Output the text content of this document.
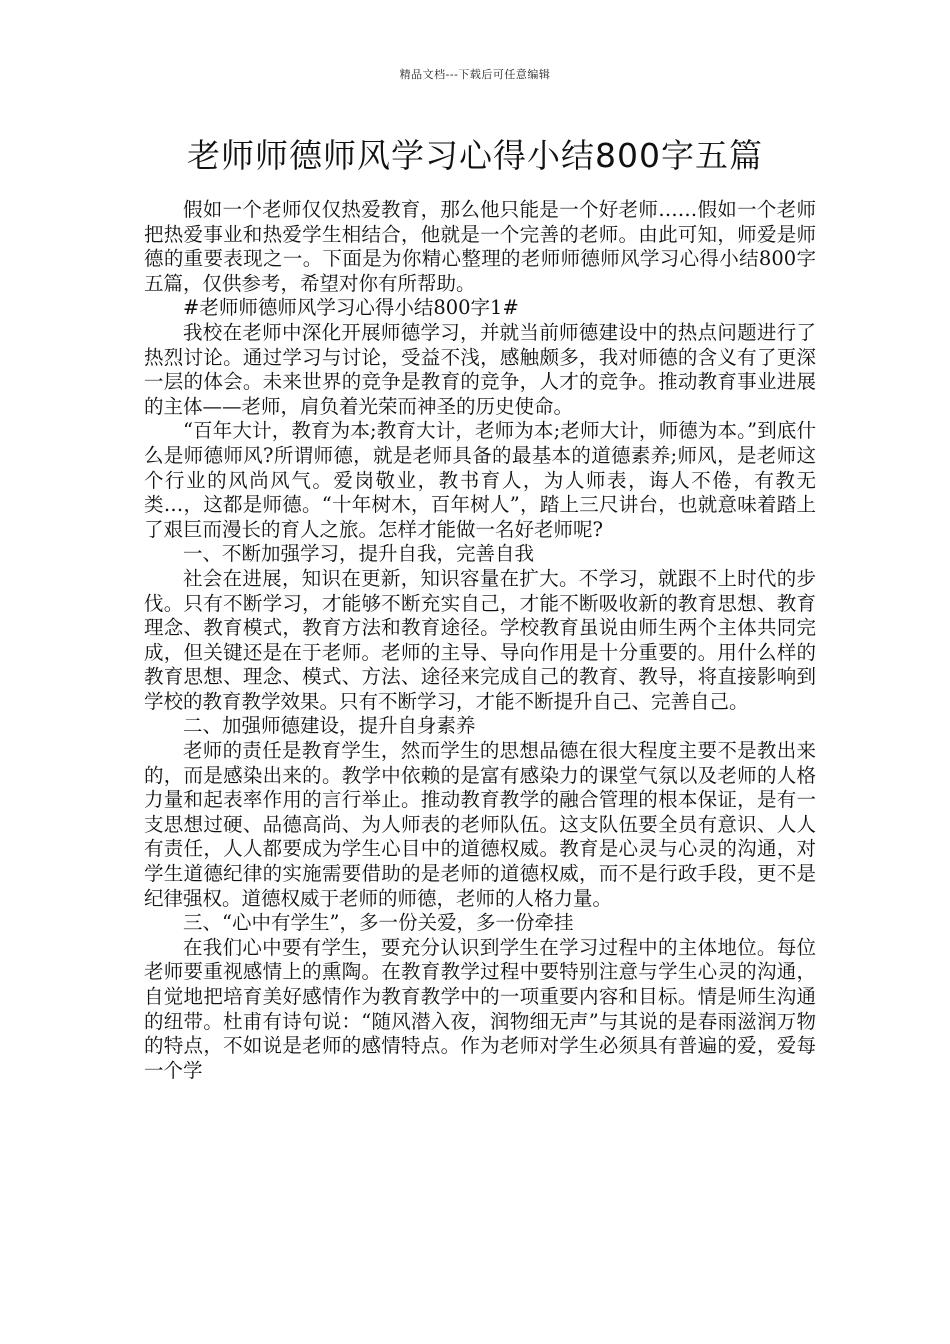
精品文档---下载后可任意编辑
老师师德师风学习心得小结800字五篇

假如一个老师仅仅热爱教育，那么他只能是一个好老师……假如一个老师把热爱事业和热爱学生相结合，他就是一个完善的老师。由此可知，师爱是师德的重要表现之一。下面是为你精心整理的老师师德师风学习心得小结800字五篇，仅供参考，希望对你有所帮助。

#老师师德师风学习心得小结800字1#

我校在老师中深化开展师德学习，并就当前师德建设中的热点问题进行了热烈讨论。通过学习与讨论，受益不浅，感触颇多，我对师德的含义有了更深一层的体会。未来世界的竞争是教育的竞争，人才的竞争。推动教育事业进展的主体——老师，肩负着光荣而神圣的历史使命。

“百年大计，教育为本;教育大计，老师为本;老师大计，师德为本。”到底什么是师德师风?所谓师德，就是老师具备的最基本的道德素养;师风，是老师这个行业的风尚风气。爱岗敬业，教书育人，为人师表，诲人不倦，有教无类…，这都是师德。“十年树木，百年树人”，踏上三尺讲台，也就意味着踏上了艰巨而漫长的育人之旅。怎样才能做一名好老师呢?

一、不断加强学习，提升自我，完善自我

社会在进展，知识在更新，知识容量在扩大。不学习，就跟不上时代的步伐。只有不断学习，才能够不断充实自己，才能不断吸收新的教育思想、教育理念、教育模式，教育方法和教育途径。学校教育虽说由师生两个主体共同完成，但关键还是在于老师。老师的主导、导向作用是十分重要的。用什么样的教育思想、理念、模式、方法、途径来完成自己的教育、教导，将直接影响到学校的教育教学效果。只有不断学习，才能不断提升自己、完善自己。

二、加强师德建设，提升自身素养

老师的责任是教育学生，然而学生的思想品德在很大程度主要不是教出来的，而是感染出来的。教学中依赖的是富有感染力的课堂气氛以及老师的人格力量和起表率作用的言行举止。推动教育教学的融合管理的根本保证，是有一支思想过硬、品德高尚、为人师表的老师队伍。这支队伍要全员有意识、人人有责任，人人都要成为学生心目中的道德权威。教育是心灵与心灵的沟通，对学生道德纪律的实施需要借助的是老师的道德权威，而不是行政手段，更不是纪律强权。道德权威于老师的师德，老师的人格力量。

三、“心中有学生”，多一份关爱，多一份牵挂

在我们心中要有学生，要充分认识到学生在学习过程中的主体地位。每位老师要重视感情上的熏陶。在教育教学过程中要特别注意与学生心灵的沟通，自觉地把培育美好感情作为教育教学中的一项重要内容和目标。情是师生沟通的纽带。杜甫有诗句说：“随风潜入夜，润物细无声”与其说的是春雨滋润万物的特点，不如说是老师的感情特点。作为老师对学生必须具有普遍的爱，爱每一个学
